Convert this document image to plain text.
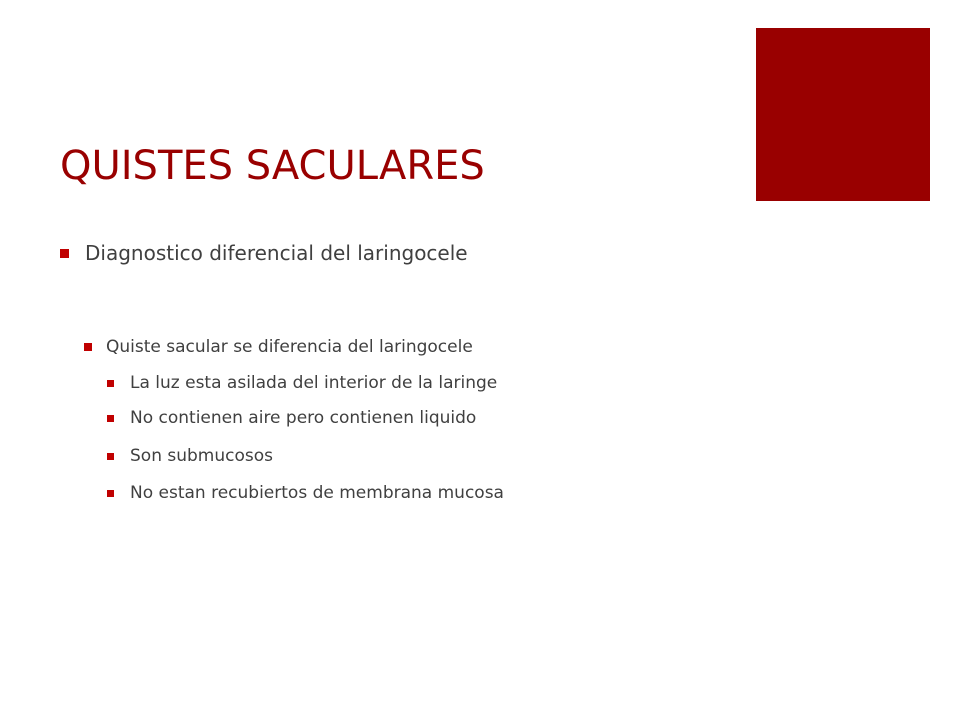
QUISTES SACULARES
Diagnostico diferencial del laringocele
Quiste sacular se diferencia del laringocele
La luz esta asilada del interior de la laringe
No contienen aire pero contienen liquido
Son submucosos
No estan recubiertos de membrana mucosa
